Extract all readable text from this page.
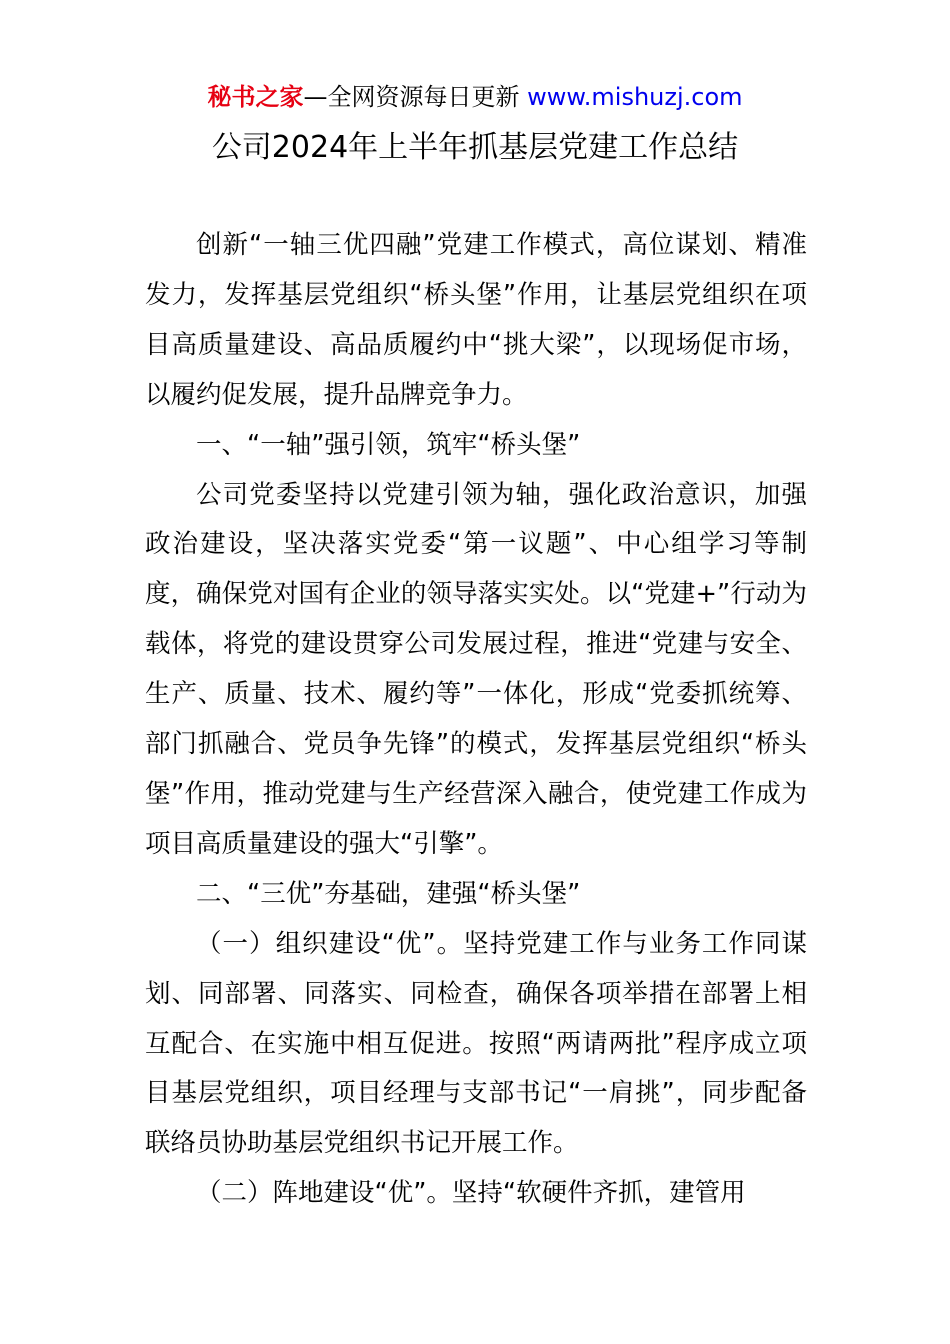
秘书之家—全网资源每日更新 www.mishuzj.com
公司2024年上半年抓基层党建工作总结

创新“一轴三优四融”党建工作模式，高位谋划、精准发力，发挥基层党组织“桥头堡”作用，让基层党组织在项目高质量建设、高品质履约中“挑大梁”，以现场促市场，以履约促发展，提升品牌竞争力。

一、“一轴”强引领，筑牢“桥头堡”

公司党委坚持以党建引领为轴，强化政治意识，加强政治建设，坚决落实党委“第一议题”、中心组学习等制度，确保党对国有企业的领导落实实处。以“党建+”行动为载体，将党的建设贯穿公司发展过程，推进“党建与安全、生产、质量、技术、履约等”一体化，形成“党委抓统筹、部门抓融合、党员争先锋”的模式，发挥基层党组织“桥头堡”作用，推动党建与生产经营深入融合，使党建工作成为项目高质量建设的强大“引擎”。

二、“三优”夯基础，建强“桥头堡”

（一）组织建设“优”。坚持党建工作与业务工作同谋划、同部署、同落实、同检查，确保各项举措在部署上相互配合、在实施中相互促进。按照“两请两批”程序成立项目基层党组织，项目经理与支部书记“一肩挑”，同步配备联络员协助基层党组织书记开展工作。

（二）阵地建设“优”。坚持“软硬件齐抓，建管用
